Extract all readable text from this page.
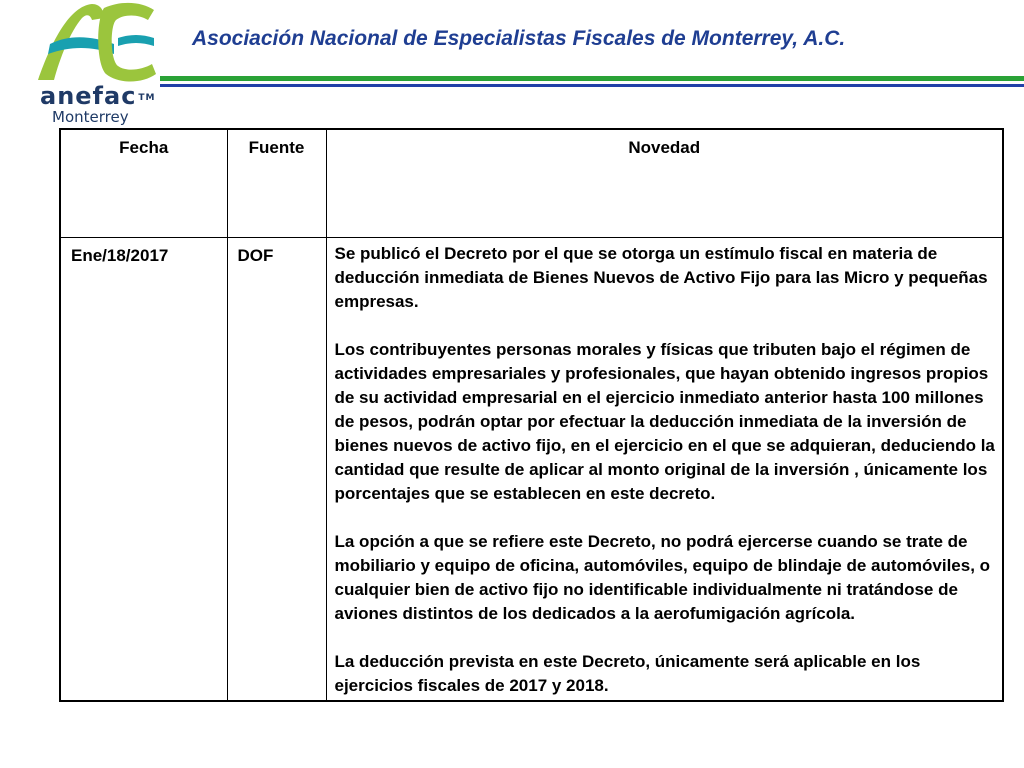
anefac ™
Monterrey
Asociación Nacional de Especialistas Fiscales de Monterrey, A.C.
Fecha	Fuente	Novedad
Ene/18/2017	DOF	Se publicó el Decreto por el que se otorga un estímulo fiscal en materia de deducción inmediata de Bienes Nuevos de Activo Fijo para las Micro y pequeñas empresas.

Los contribuyentes personas morales y físicas que tributen bajo el régimen de actividades empresariales y profesionales, que hayan obtenido ingresos propios de su actividad empresarial en el ejercicio inmediato anterior hasta 100 millones de pesos, podrán optar por efectuar la deducción inmediata de la inversión de bienes nuevos de activo fijo, en el ejercicio en el que se adquieran, deduciendo la cantidad que resulte de aplicar al monto original de la inversión , únicamente los porcentajes que se establecen en este decreto.

La opción a que se refiere este Decreto, no podrá ejercerse cuando se trate de mobiliario y equipo de oficina, automóviles, equipo de blindaje de automóviles, o cualquier bien de activo fijo no identificable individualmente ni tratándose de aviones distintos de los dedicados a la aerofumigación agrícola.

La deducción prevista en este Decreto, únicamente será aplicable en los ejercicios fiscales de 2017 y 2018.
